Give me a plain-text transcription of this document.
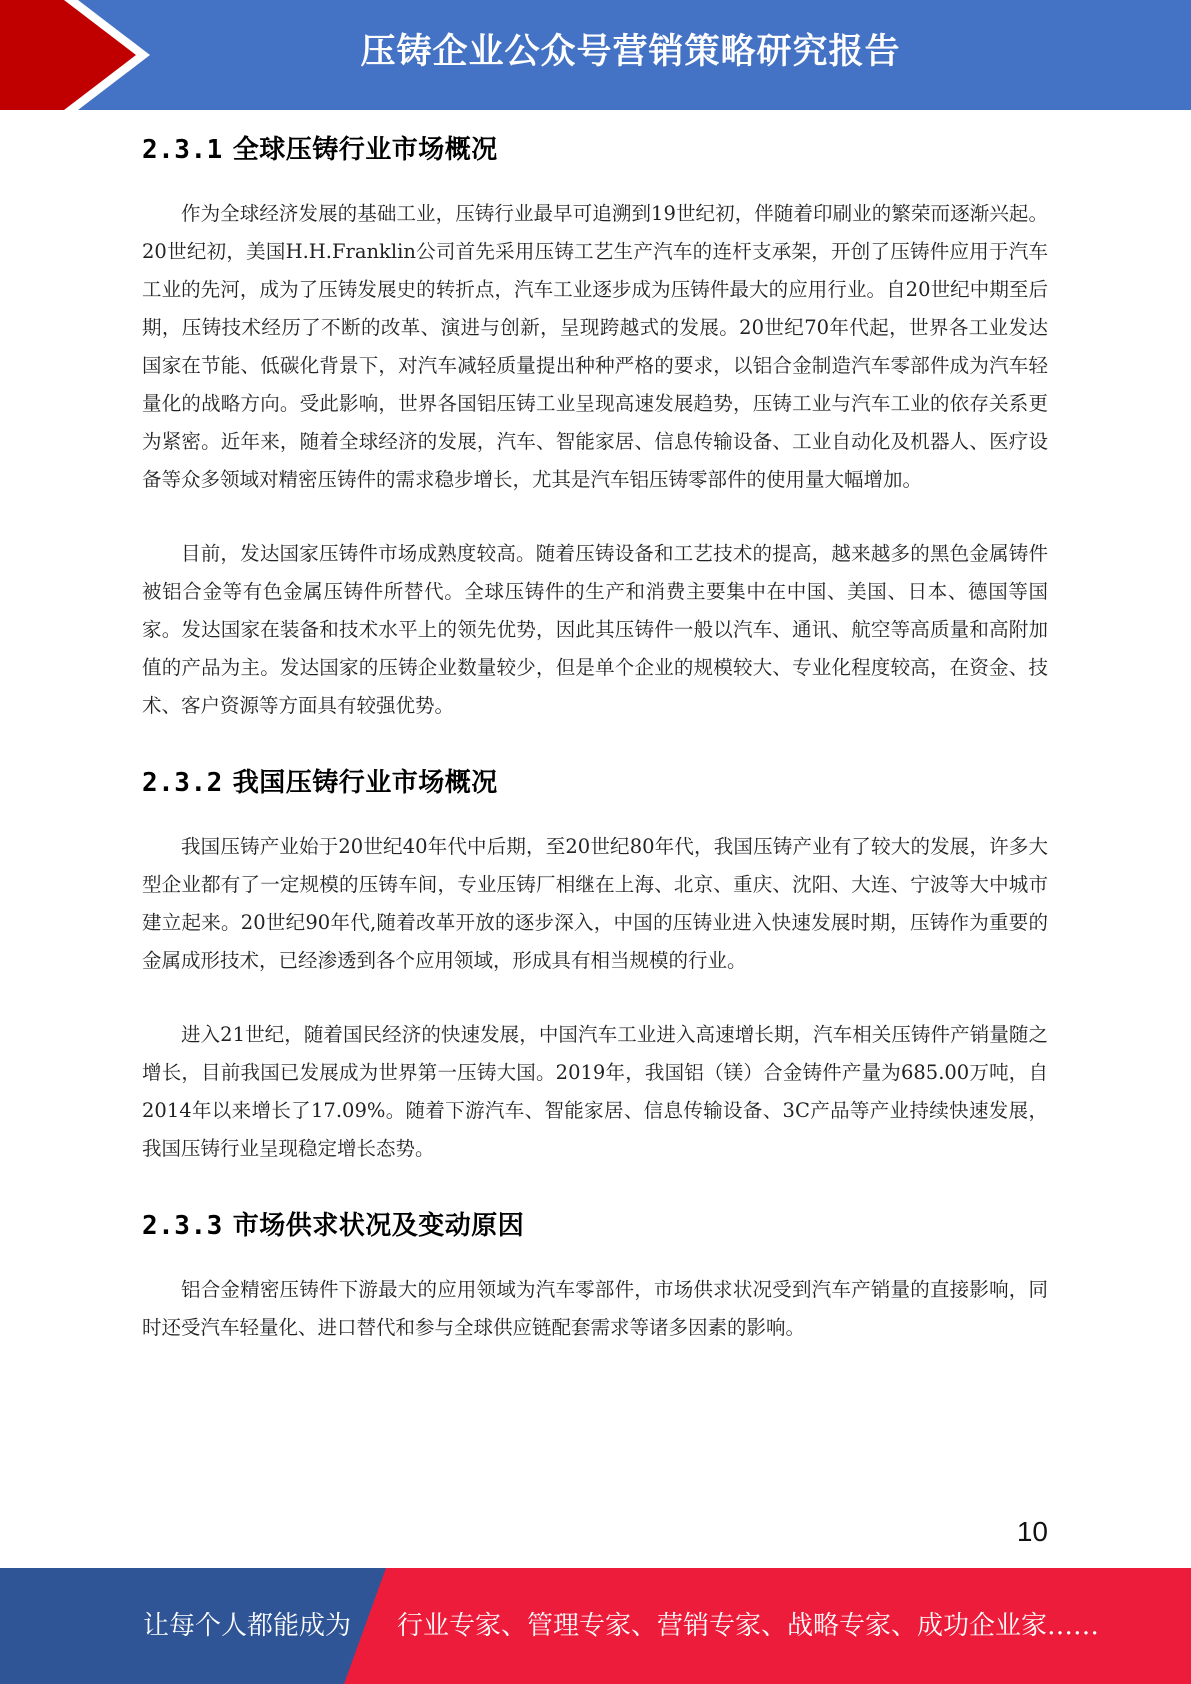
压铸企业公众号营销策略研究报告
2.3.1 全球压铸行业市场概况

作为全球经济发展的基础工业，压铸行业最早可追溯到19世纪初，伴随着印刷业的繁荣而逐渐兴起。20世纪初，美国H.H.Franklin公司首先采用压铸工艺生产汽车的连杆支承架，开创了压铸件应用于汽车工业的先河，成为了压铸发展史的转折点，汽车工业逐步成为压铸件最大的应用行业。自20世纪中期至后期，压铸技术经历了不断的改革、演进与创新，呈现跨越式的发展。20世纪70年代起，世界各工业发达国家在节能、低碳化背景下，对汽车减轻质量提出种种严格的要求，以铝合金制造汽车零部件成为汽车轻量化的战略方向。受此影响，世界各国铝压铸工业呈现高速发展趋势，压铸工业与汽车工业的依存关系更为紧密。近年来，随着全球经济的发展，汽车、智能家居、信息传输设备、工业自动化及机器人、医疗设备等众多领域对精密压铸件的需求稳步增长，尤其是汽车铝压铸零部件的使用量大幅增加。

目前，发达国家压铸件市场成熟度较高。随着压铸设备和工艺技术的提高，越来越多的黑色金属铸件被铝合金等有色金属压铸件所替代。全球压铸件的生产和消费主要集中在中国、美国、日本、德国等国家。发达国家在装备和技术水平上的领先优势，因此其压铸件一般以汽车、通讯、航空等高质量和高附加值的产品为主。发达国家的压铸企业数量较少，但是单个企业的规模较大、专业化程度较高，在资金、技术、客户资源等方面具有较强优势。

2.3.2 我国压铸行业市场概况

我国压铸产业始于20世纪40年代中后期，至20世纪80年代，我国压铸产业有了较大的发展，许多大型企业都有了一定规模的压铸车间，专业压铸厂相继在上海、北京、重庆、沈阳、大连、宁波等大中城市建立起来。20世纪90年代,随着改革开放的逐步深入，中国的压铸业进入快速发展时期，压铸作为重要的金属成形技术，已经渗透到各个应用领域，形成具有相当规模的行业。

进入21世纪，随着国民经济的快速发展，中国汽车工业进入高速增长期，汽车相关压铸件产销量随之增长，目前我国已发展成为世界第一压铸大国。2019年，我国铝（镁）合金铸件产量为685.00万吨，自2014年以来增长了17.09%。随着下游汽车、智能家居、信息传输设备、3C产品等产业持续快速发展，我国压铸行业呈现稳定增长态势。

2.3.3 市场供求状况及变动原因

铝合金精密压铸件下游最大的应用领域为汽车零部件，市场供求状况受到汽车产销量的直接影响，同时还受汽车轻量化、进口替代和参与全球供应链配套需求等诸多因素的影响。

10
让每个人都能成为 行业专家、管理专家、营销专家、战略专家、成功企业家……
